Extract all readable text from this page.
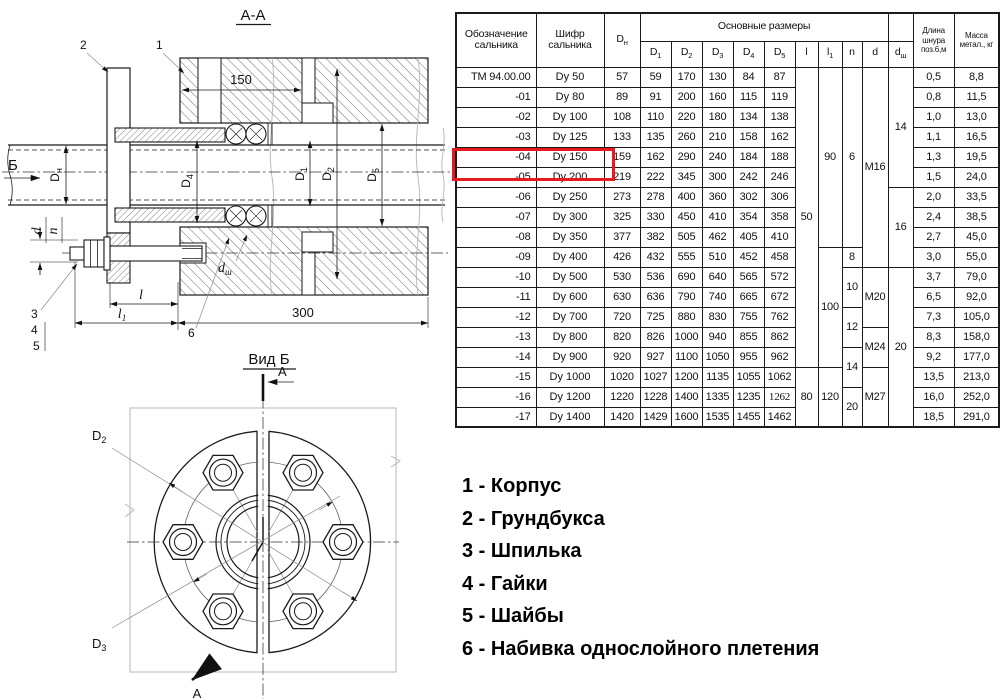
А-А
150
300
l
$l_1$
$D_н$
$D_4$	$D_1$
$D_2$
$D_5$
d n
$d_ш$
Б
1
2
3
4
5
6
Вид Б
А
А
$D_2$
$D_3$
Обозначение сальника	Шифр сальника	$D_н$	Основные размеры										Длина шнура поз.6,м	Масса метал., кг
			$D_1$	$D_2$	$D_3$	$D_4$	$D_5$	l	$l_1$	n	d	$d_ш$
ТМ 94.00.00	Dy 50	57	59	170	130	84	87	50	90	6	M16	14	0,5	8,8
-01	Dy 80	89	91	200	160	115	119						0,8	11,5
-02	Dy 100	108	110	220	180	134	138						1,0	13,0
-03	Dy 125	133	135	260	210	158	162						1,1	16,5
-04	Dy 150	159	162	290	240	184	188						1,3	19,5
-05	Dy 200	219	222	345	300	242	246						1,5	24,0
-06	Dy 250	273	278	400	360	302	306					16	2,0	33,5
-07	Dy 300	325	330	450	410	354	358						2,4	38,5
-08	Dy 350	377	382	505	462	405	410						2,7	45,0
-09	Dy 400	426	432	555	510	452	458		100	8			3,0	55,0
-10	Dy 500	530	536	690	640	565	572			10	M20	20	3,7	79,0
-11	Dy 600	630	636	790	740	665	672						6,5	92,0
-12	Dy 700	720	725	880	830	755	762			12			7,3	105,0
-13	Dy 800	820	826	1000	940	855	862				M24		8,3	158,0
-14	Dy 900	920	927	1100	1050	955	962			14			9,2	177,0
-15	Dy 1000	1020	1027	1200	1135	1055	1062	80	120		M27		13,5	213,0
-16	Dy 1200	1220	1228	1400	1335	1235	1262			20			16,0	252,0
-17	Dy 1400	1420	1429	1600	1535	1455	1462						18,5	291,0
1 - Корпус
2 - Грундбукса
3 - Шпилька
4 - Гайки
5 - Шайбы
6 - Набивка однослойного плетения
